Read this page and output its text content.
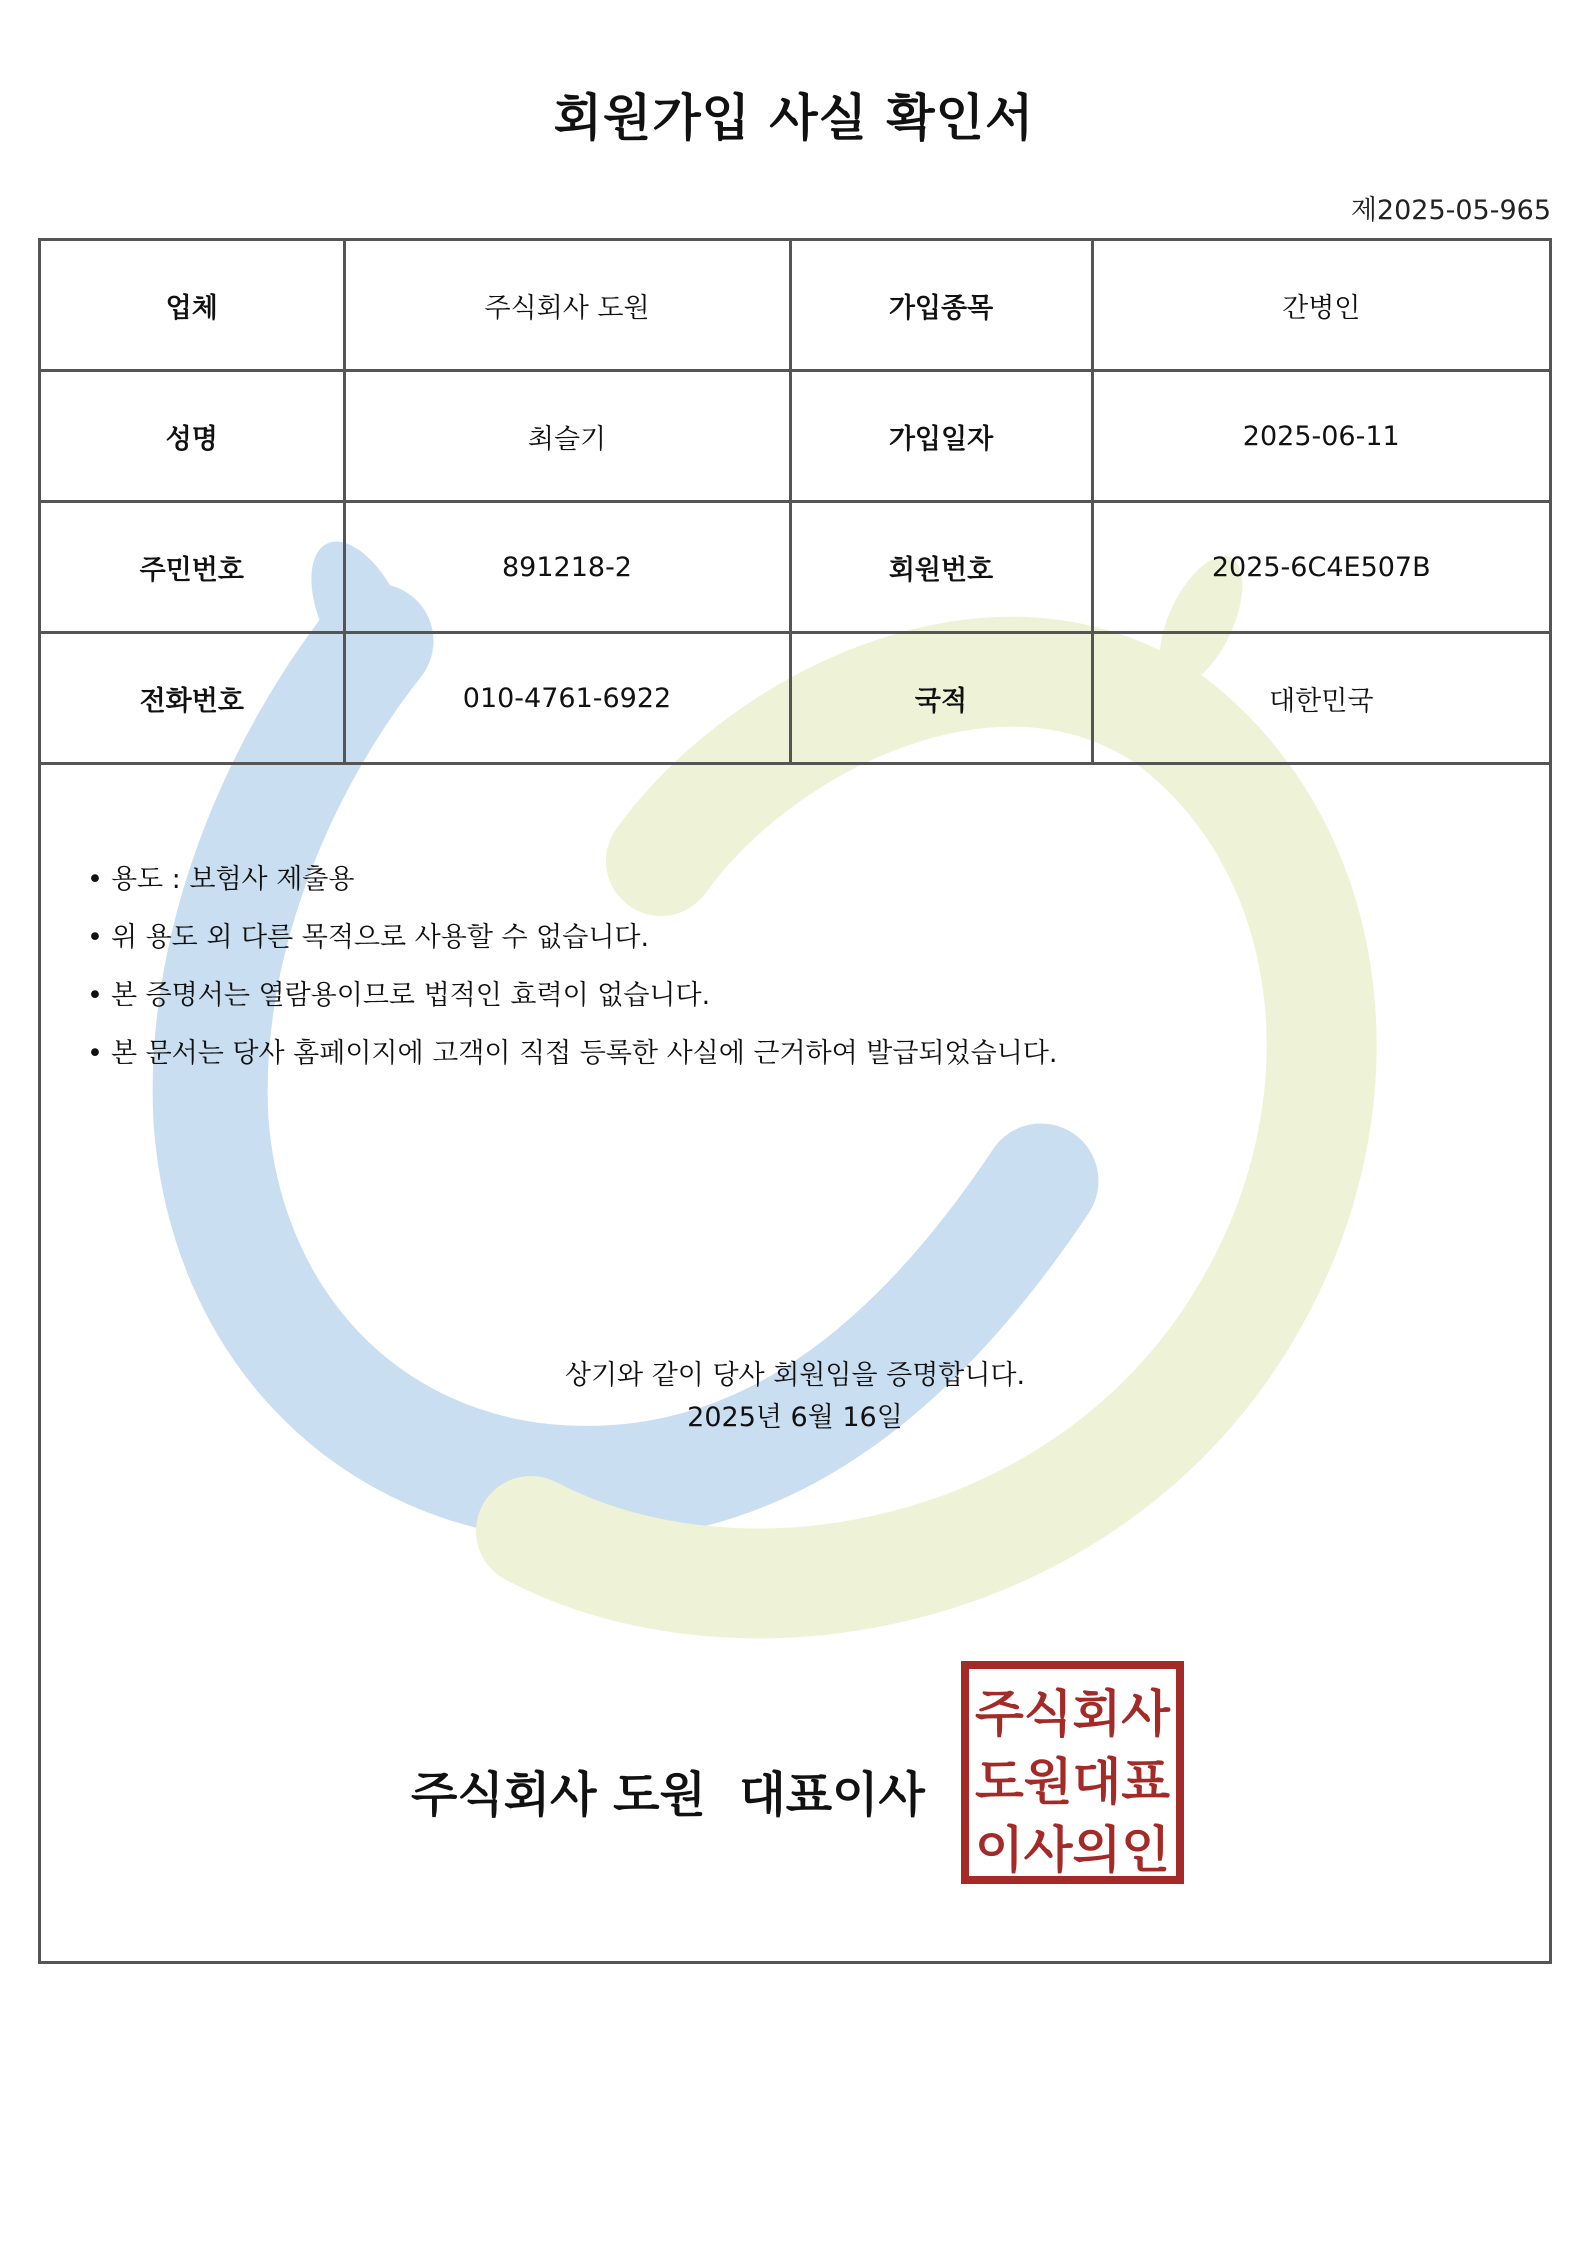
회원가입 사실 확인서
제2025-05-965
업체	주식회사 도원	가입종목	간병인
성명	최슬기	가입일자	2025-06-11
주민번호	891218-2	회원번호	2025-6C4E507B
전화번호	010-4761-6922	국적	대한민국
• 용도 : 보험사 제출용
• 위 용도 외 다른 목적으로 사용할 수 없습니다.
• 본 증명서는 열람용이므로 법적인 효력이 없습니다.
• 본 문서는 당사 홈페이지에 고객이 직접 등록한 사실에 근거하여 발급되었습니다.
상기와 같이 당사 회원임을 증명합니다.
2025년 6월 16일
주식회사 도원  대표이사
주식회사
도원대표
이사의인
